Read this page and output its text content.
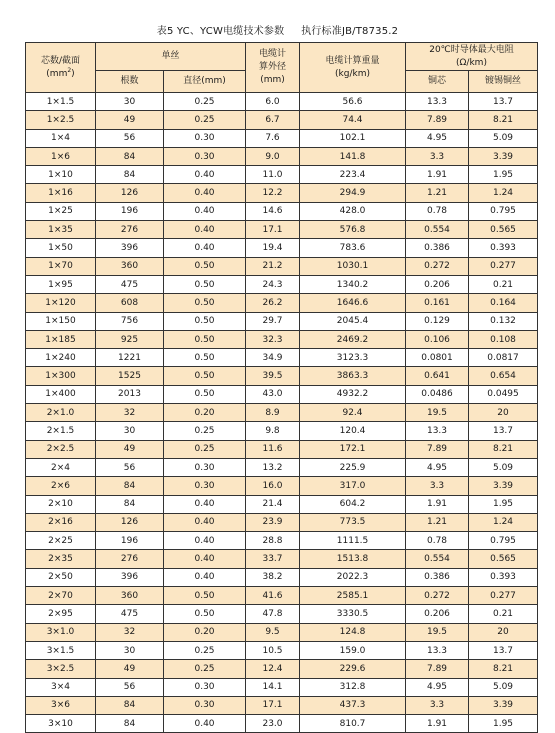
表5 YC、YCW电缆技术参数     执行标准JB/T8735.2
芯数/截面
$(mm^2)$	单丝		电缆计
算外径
(mm)	电缆计算重量
(kg/km)	20℃时导体最大电阻
(Ω/km)	
	根数	直径(mm)			铜芯	镀锡铜丝
1×1.5	30	0.25	6.0	56.6	13.3	13.7
1×2.5	49	0.25	6.7	74.4	7.89	8.21
1×4	56	0.30	7.6	102.1	4.95	5.09
1×6	84	0.30	9.0	141.8	3.3	3.39
1×10	84	0.40	11.0	223.4	1.91	1.95
1×16	126	0.40	12.2	294.9	1.21	1.24
1×25	196	0.40	14.6	428.0	0.78	0.795
1×35	276	0.40	17.1	576.8	0.554	0.565
1×50	396	0.40	19.4	783.6	0.386	0.393
1×70	360	0.50	21.2	1030.1	0.272	0.277
1×95	475	0.50	24.3	1340.2	0.206	0.21
1×120	608	0.50	26.2	1646.6	0.161	0.164
1×150	756	0.50	29.7	2045.4	0.129	0.132
1×185	925	0.50	32.3	2469.2	0.106	0.108
1×240	1221	0.50	34.9	3123.3	0.0801	0.0817
1×300	1525	0.50	39.5	3863.3	0.641	0.654
1×400	2013	0.50	43.0	4932.2	0.0486	0.0495
2×1.0	32	0.20	8.9	92.4	19.5	20
2×1.5	30	0.25	9.8	120.4	13.3	13.7
2×2.5	49	0.25	11.6	172.1	7.89	8.21
2×4	56	0.30	13.2	225.9	4.95	5.09
2×6	84	0.30	16.0	317.0	3.3	3.39
2×10	84	0.40	21.4	604.2	1.91	1.95
2×16	126	0.40	23.9	773.5	1.21	1.24
2×25	196	0.40	28.8	1111.5	0.78	0.795
2×35	276	0.40	33.7	1513.8	0.554	0.565
2×50	396	0.40	38.2	2022.3	0.386	0.393
2×70	360	0.50	41.6	2585.1	0.272	0.277
2×95	475	0.50	47.8	3330.5	0.206	0.21
3×1.0	32	0.20	9.5	124.8	19.5	20
3×1.5	30	0.25	10.5	159.0	13.3	13.7
3×2.5	49	0.25	12.4	229.6	7.89	8.21
3×4	56	0.30	14.1	312.8	4.95	5.09
3×6	84	0.30	17.1	437.3	3.3	3.39
3×10	84	0.40	23.0	810.7	1.91	1.95
